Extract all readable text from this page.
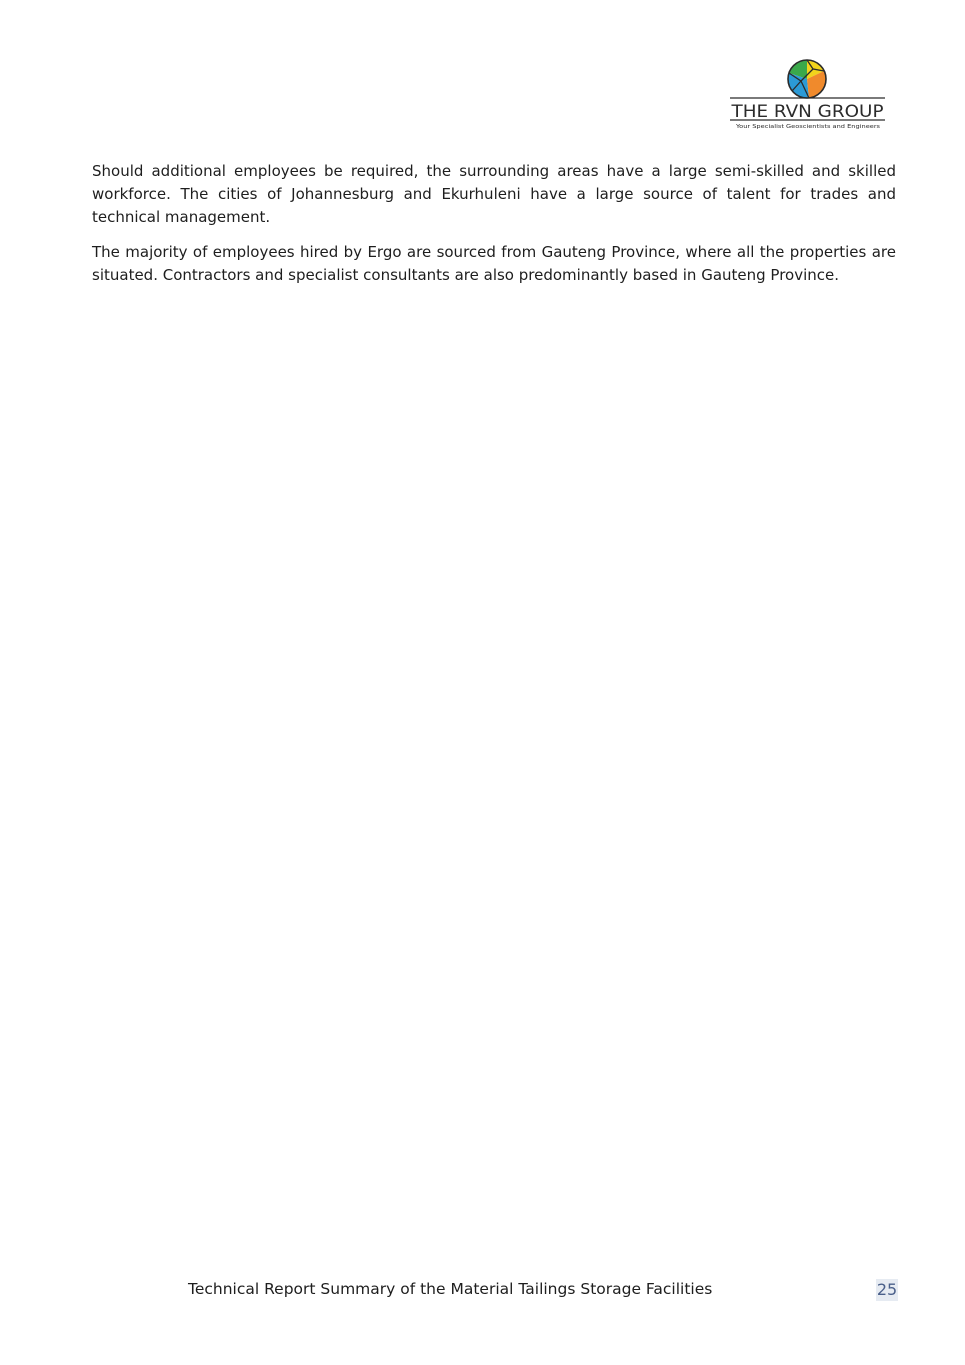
THE RVN GROUP
Your Specialist Geoscientists and Engineers

Should additional employees be required, the surrounding areas have a large semi-skilled and skilled workforce. The cities of Johannesburg and Ekurhuleni have a large source of talent for trades and technical management.

The majority of employees hired by Ergo are sourced from Gauteng Province, where all the properties are situated. Contractors and specialist consultants are also predominantly based in Gauteng Province.

Technical Report Summary of the Material Tailings Storage Facilities	25
